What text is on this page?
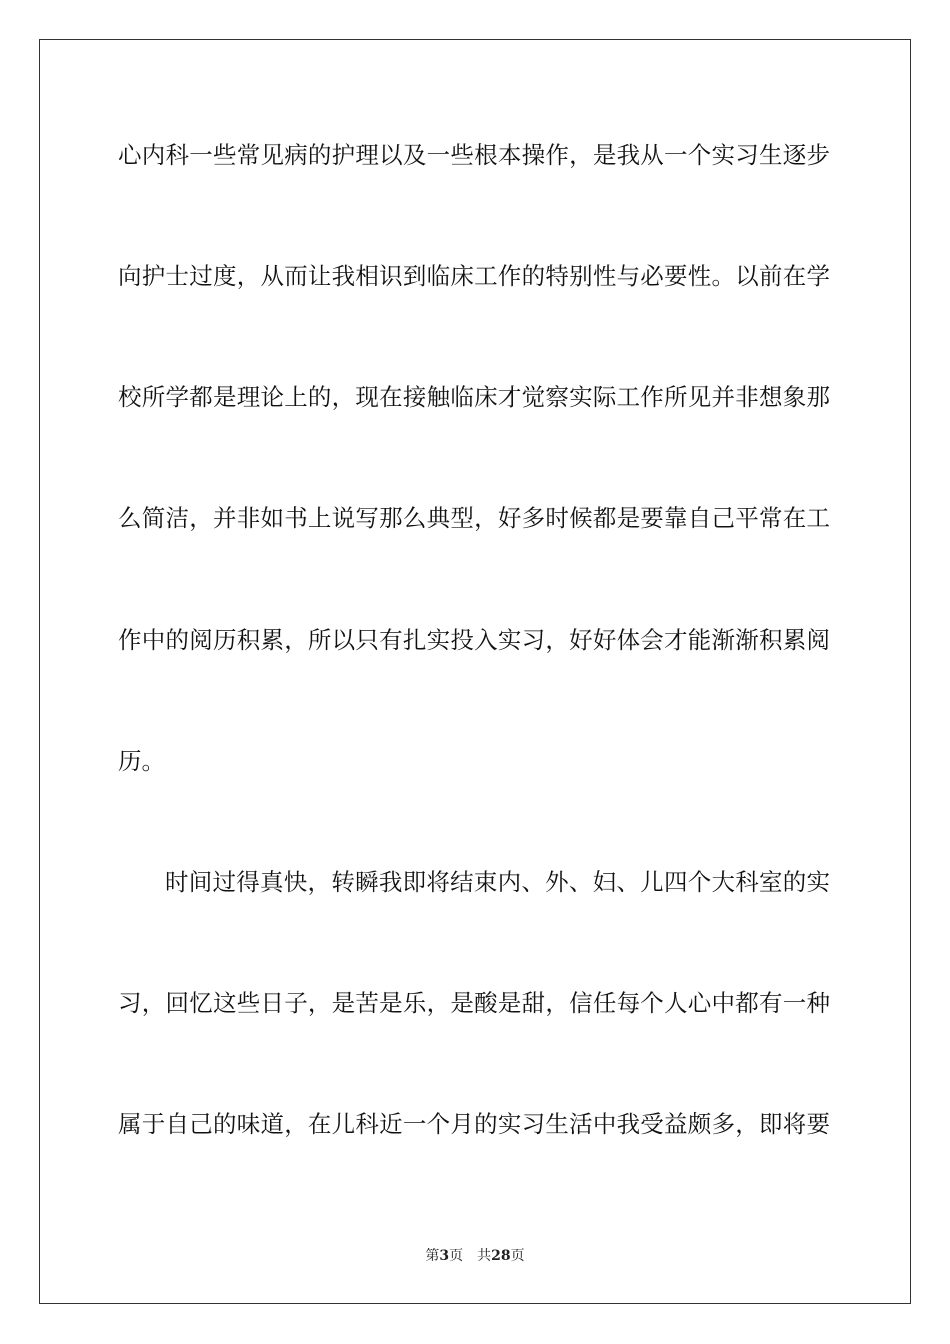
心内科一些常见病的护理以及一些根本操作，是我从一个实习生逐步
向护士过度，从而让我相识到临床工作的特别性与必要性。以前在学
校所学都是理论上的，现在接触临床才觉察实际工作所见并非想象那
么简洁，并非如书上说写那么典型，好多时候都是要靠自己平常在工
作中的阅历积累，所以只有扎实投入实习，好好体会才能渐渐积累阅
历。
时间过得真快，转瞬我即将结束内、外、妇、儿四个大科室的实
习，回忆这些日子，是苦是乐，是酸是甜，信任每个人心中都有一种
属于自己的味道，在儿科近一个月的实习生活中我受益颇多，即将要
第3页 共28页
